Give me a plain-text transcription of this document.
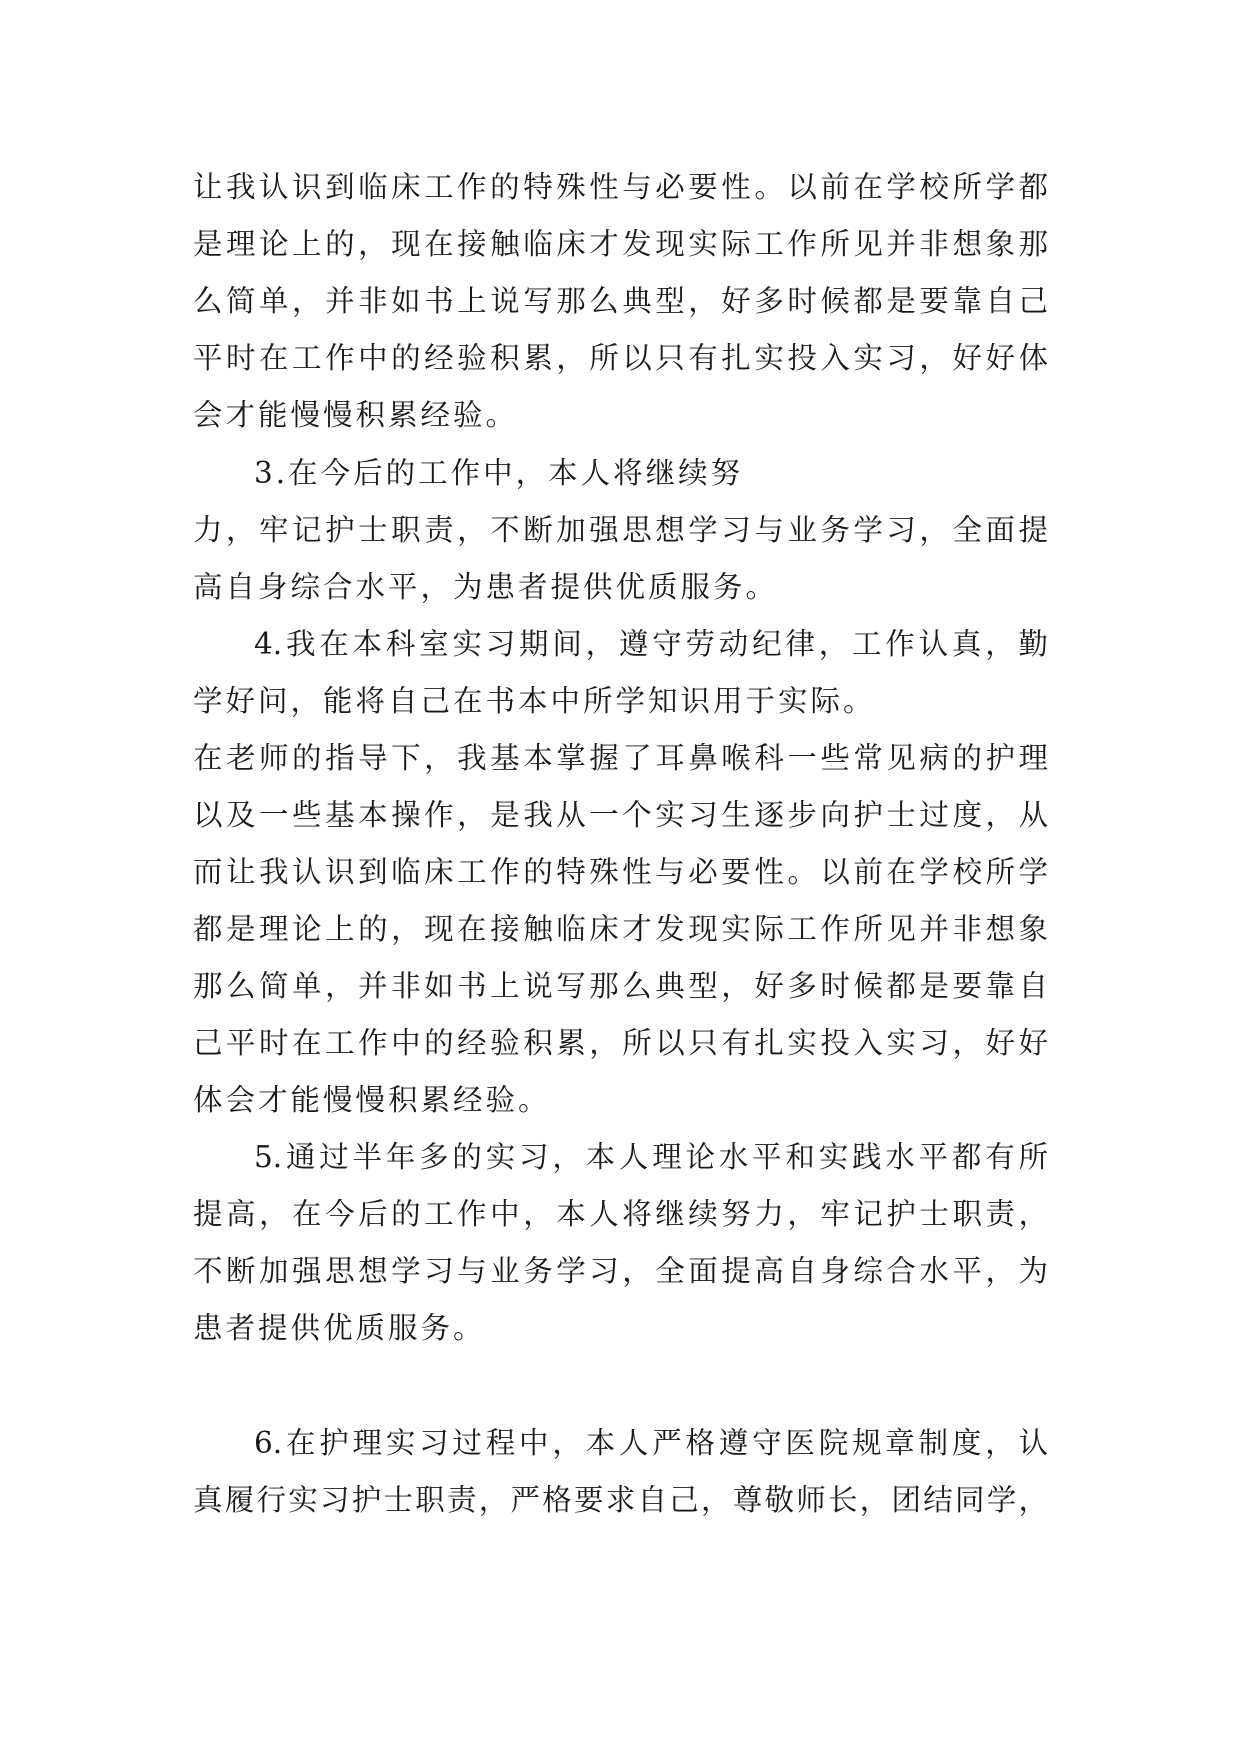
让我认识到临床工作的特殊性与必要性。以前在学校所学都
是理论上的，现在接触临床才发现实际工作所见并非想象那
么简单，并非如书上说写那么典型，好多时候都是要靠自己
平时在工作中的经验积累，所以只有扎实投入实习，好好体
会才能慢慢积累经验。
3.在今后的工作中，本人将继续努
力，牢记护士职责，不断加强思想学习与业务学习，全面提
高自身综合水平，为患者提供优质服务。
4.我在本科室实习期间，遵守劳动纪律，工作认真，勤
学好问，能将自己在书本中所学知识用于实际。
在老师的指导下，我基本掌握了耳鼻喉科一些常见病的护理
以及一些基本操作，是我从一个实习生逐步向护士过度，从
而让我认识到临床工作的特殊性与必要性。以前在学校所学
都是理论上的，现在接触临床才发现实际工作所见并非想象
那么简单，并非如书上说写那么典型，好多时候都是要靠自
己平时在工作中的经验积累，所以只有扎实投入实习，好好
体会才能慢慢积累经验。
5.通过半年多的实习，本人理论水平和实践水平都有所
提高，在今后的工作中，本人将继续努力，牢记护士职责，
不断加强思想学习与业务学习，全面提高自身综合水平，为
患者提供优质服务。
6.在护理实习过程中，本人严格遵守医院规章制度，认
真履行实习护士职责，严格要求自己，尊敬师长，团结同学，
